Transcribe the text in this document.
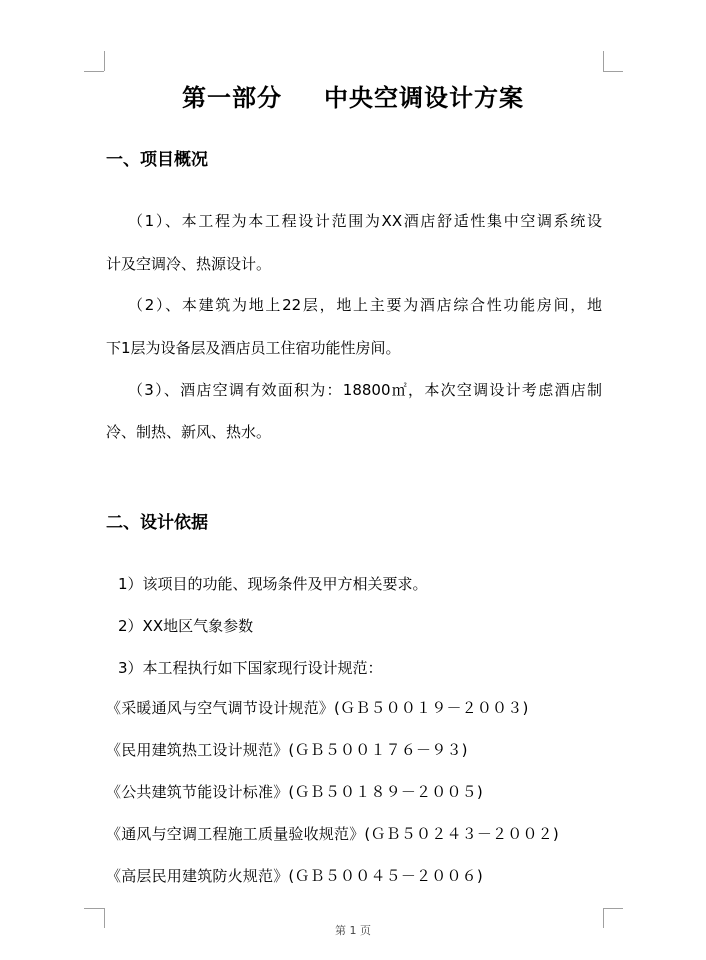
第一部分 中央空调设计方案
一、项目概况
（1）、本工程为本工程设计范围为XX酒店舒适性集中空调系统设
计及空调冷、热源设计。
（2）、本建筑为地上22层，地上主要为酒店综合性功能房间，地
下1层为设备层及酒店员工住宿功能性房间。
（3）、酒店空调有效面积为：18800㎡，本次空调设计考虑酒店制
冷、制热、新风、热水。
二、设计依据
1）该项目的功能、现场条件及甲方相关要求。
2）XX地区气象参数
3）本工程执行如下国家现行设计规范：
《采暖通风与空气调节设计规范》(ＧＢ５００１９－２００３)
《民用建筑热工设计规范》(ＧＢ５００１７６－９３)
《公共建筑节能设计标准》(ＧＢ５０１８９－２００５)
《通风与空调工程施工质量验收规范》(ＧＢ５０２４３－２００２)
《高层民用建筑防火规范》(ＧＢ５００４５－２００６)
第 1 页
